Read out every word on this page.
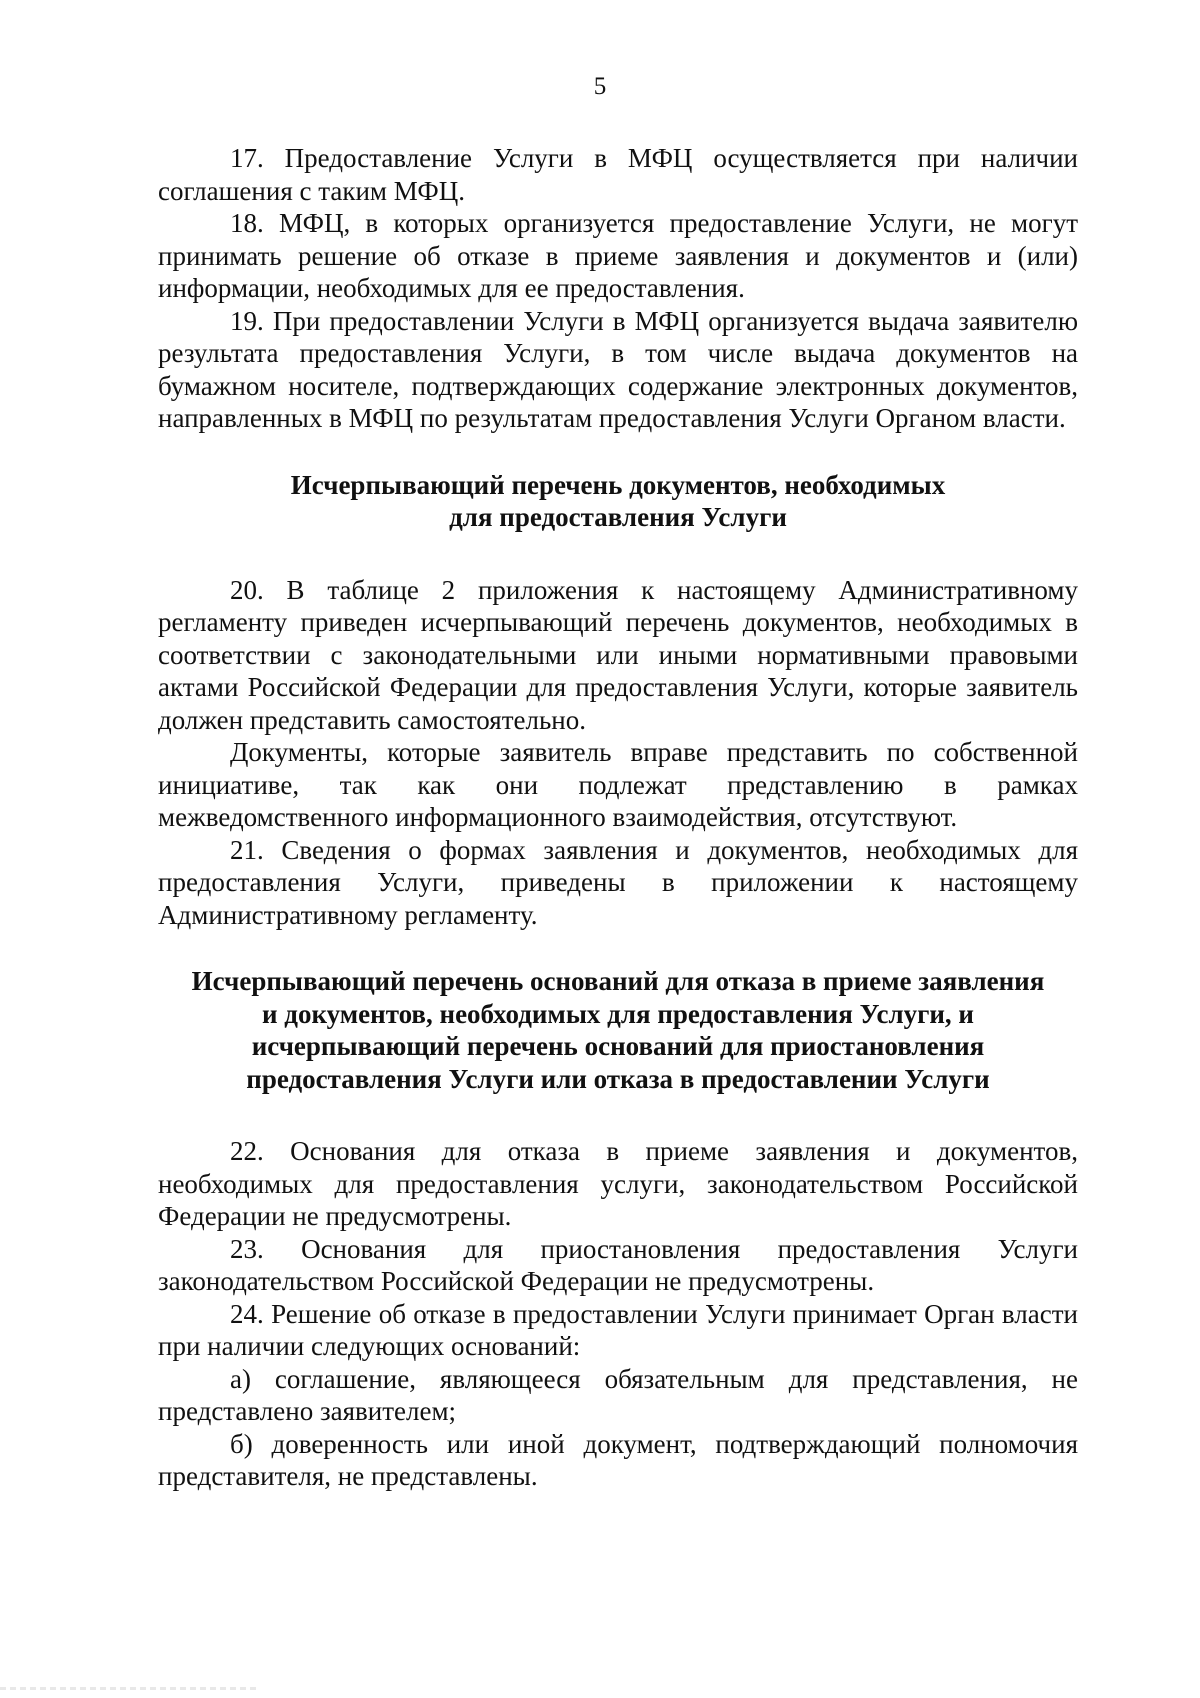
5

17. Предоставление Услуги в МФЦ осуществляется при наличии соглашения с таким МФЦ.

18. МФЦ, в которых организуется предоставление Услуги, не могут принимать решение об отказе в приеме заявления и документов и (или) информации, необходимых для ее предоставления.

19. При предоставлении Услуги в МФЦ организуется выдача заявителю результата предоставления Услуги, в том числе выдача документов на бумажном носителе, подтверждающих содержание электронных документов, направленных в МФЦ по результатам предоставления Услуги Органом власти.

Исчерпывающий перечень документов, необходимых
для предоставления Услуги

20. В таблице 2 приложения к настоящему Административному регламенту приведен исчерпывающий перечень документов, необходимых в соответствии с законодательными или иными нормативными правовыми актами Российской Федерации для предоставления Услуги, которые заявитель должен представить самостоятельно.

Документы, которые заявитель вправе представить по собственной инициативе, так как они подлежат представлению в рамках межведомственного информационного взаимодействия, отсутствуют.

21. Сведения о формах заявления и документов, необходимых для предоставления Услуги, приведены в приложении к настоящему Административному регламенту.

Исчерпывающий перечень оснований для отказа в приеме заявления
и документов, необходимых для предоставления Услуги, и
исчерпывающий перечень оснований для приостановления
предоставления Услуги или отказа в предоставлении Услуги

22. Основания для отказа в приеме заявления и документов, необходимых для предоставления услуги, законодательством Российской Федерации не предусмотрены.

23. Основания для приостановления предоставления Услуги законодательством Российской Федерации не предусмотрены.

24. Решение об отказе в предоставлении Услуги принимает Орган власти при наличии следующих оснований:

а) соглашение, являющееся обязательным для представления, не представлено заявителем;

б) доверенность или иной документ, подтверждающий полномочия представителя, не представлены.
